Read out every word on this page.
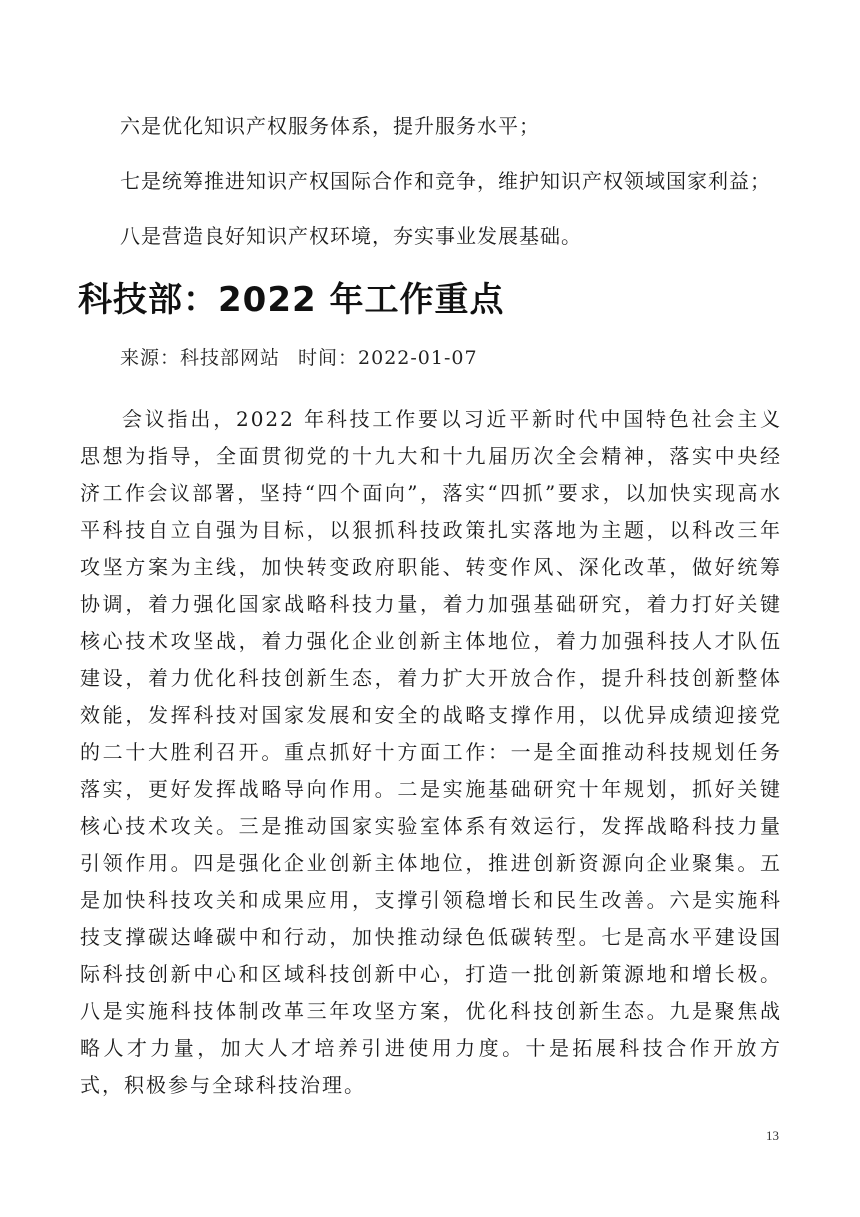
六是优化知识产权服务体系，提升服务水平；
七是统筹推进知识产权国际合作和竞争，维护知识产权领域国家利益；
八是营造良好知识产权环境，夯实事业发展基础。
科技部：2022 年工作重点
来源：科技部网站 时间：2022-01-07

会议指出，2022 年科技工作要以习近平新时代中国特色社会主义思想为指导，全面贯彻党的十九大和十九届历次全会精神，落实中央经济工作会议部署，坚持“四个面向”，落实“四抓”要求，以加快实现高水平科技自立自强为目标，以狠抓科技政策扎实落地为主题，以科改三年攻坚方案为主线，加快转变政府职能、转变作风、深化改革，做好统筹协调，着力强化国家战略科技力量，着力加强基础研究，着力打好关键核心技术攻坚战，着力强化企业创新主体地位，着力加强科技人才队伍建设，着力优化科技创新生态，着力扩大开放合作，提升科技创新整体效能，发挥科技对国家发展和安全的战略支撑作用，以优异成绩迎接党的二十大胜利召开。重点抓好十方面工作：一是全面推动科技规划任务落实，更好发挥战略导向作用。二是实施基础研究十年规划，抓好关键核心技术攻关。三是推动国家实验室体系有效运行，发挥战略科技力量引领作用。四是强化企业创新主体地位，推进创新资源向企业聚集。五是加快科技攻关和成果应用，支撑引领稳增长和民生改善。六是实施科技支撑碳达峰碳中和行动，加快推动绿色低碳转型。七是高水平建设国际科技创新中心和区域科技创新中心，打造一批创新策源地和增长极。八是实施科技体制改革三年攻坚方案，优化科技创新生态。九是聚焦战略人才力量，加大人才培养引进使用力度。十是拓展科技合作开放方式，积极参与全球科技治理。

13
